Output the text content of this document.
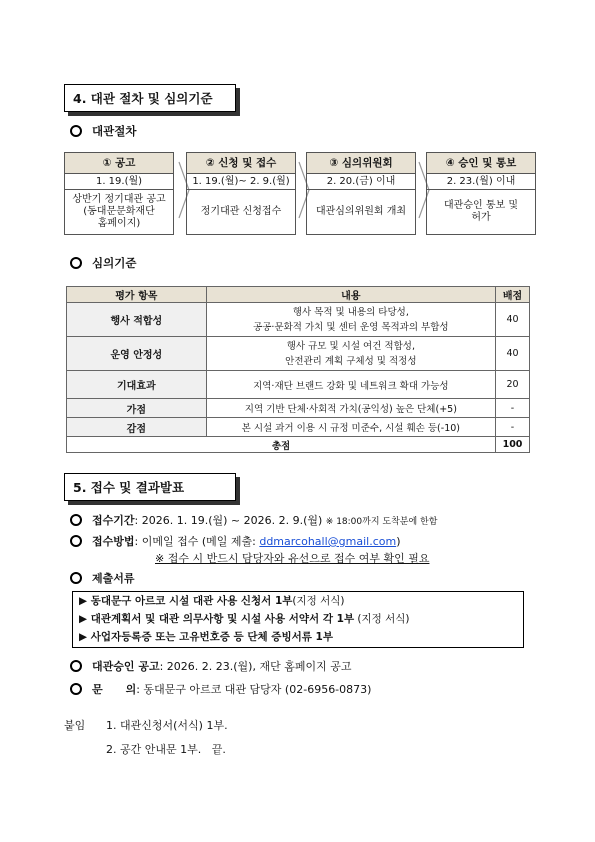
4. 대관 절차 및 심의기준
대관절차
① 공고
1. 19.(월)
상반기 정기대관 공고
(동대문문화재단
홈페이지)
② 신청 및 접수
1. 19.(월)~ 2. 9.(월)
정기대관 신청접수
③ 심의위원회
2. 20.(금) 이내
대관심의위원회 개최
④ 승인 및 통보
2. 23.(월) 이내
대관승인 통보 및
허가
심의기준
평가 항목	내용	배점
행사 적합성	행사 목적 및 내용의 타당성,
공공·문화적 가치 및 센터 운영 목적과의 부합성	40
운영 안정성	행사 규모 및 시설 여건 적합성,
안전관리 계획 구체성 및 적정성	40
기대효과	지역·재단 브랜드 강화 및 네트워크 확대 가능성	20
가점	지역 기반 단체·사회적 가치(공익성) 높은 단체(+5)	-
감점	본 시설 과거 이용 시 규정 미준수, 시설 훼손 등(-10)	-
총점		100
5. 접수 및 결과발표
접수기간: 2026. 1. 19.(월) ~ 2026. 2. 9.(월) ※ 18:00까지 도착분에 한함
접수방법: 이메일 접수 (메일 제출: ddmarcohall@gmail.com)
※ 접수 시 반드시 담당자와 유선으로 접수 여부 확인 필요
제출서류
▶ 동대문구 아르코 시설 대관 사용 신청서 1부(지정 서식)
▶ 대관계획서 및 대관 의무사항 및 시설 사용 서약서 각 1부 (지정 서식)
▶ 사업자등록증 또는 고유번호증 등 단체 증빙서류 1부
대관승인 공고: 2026. 2. 23.(월), 재단 홈페이지 공고
문      의: 동대문구 아르코 대관 담당자 (02-6956-0873)
붙임 1. 대관신청서(서식) 1부.
2. 공간 안내문 1부.   끝.
